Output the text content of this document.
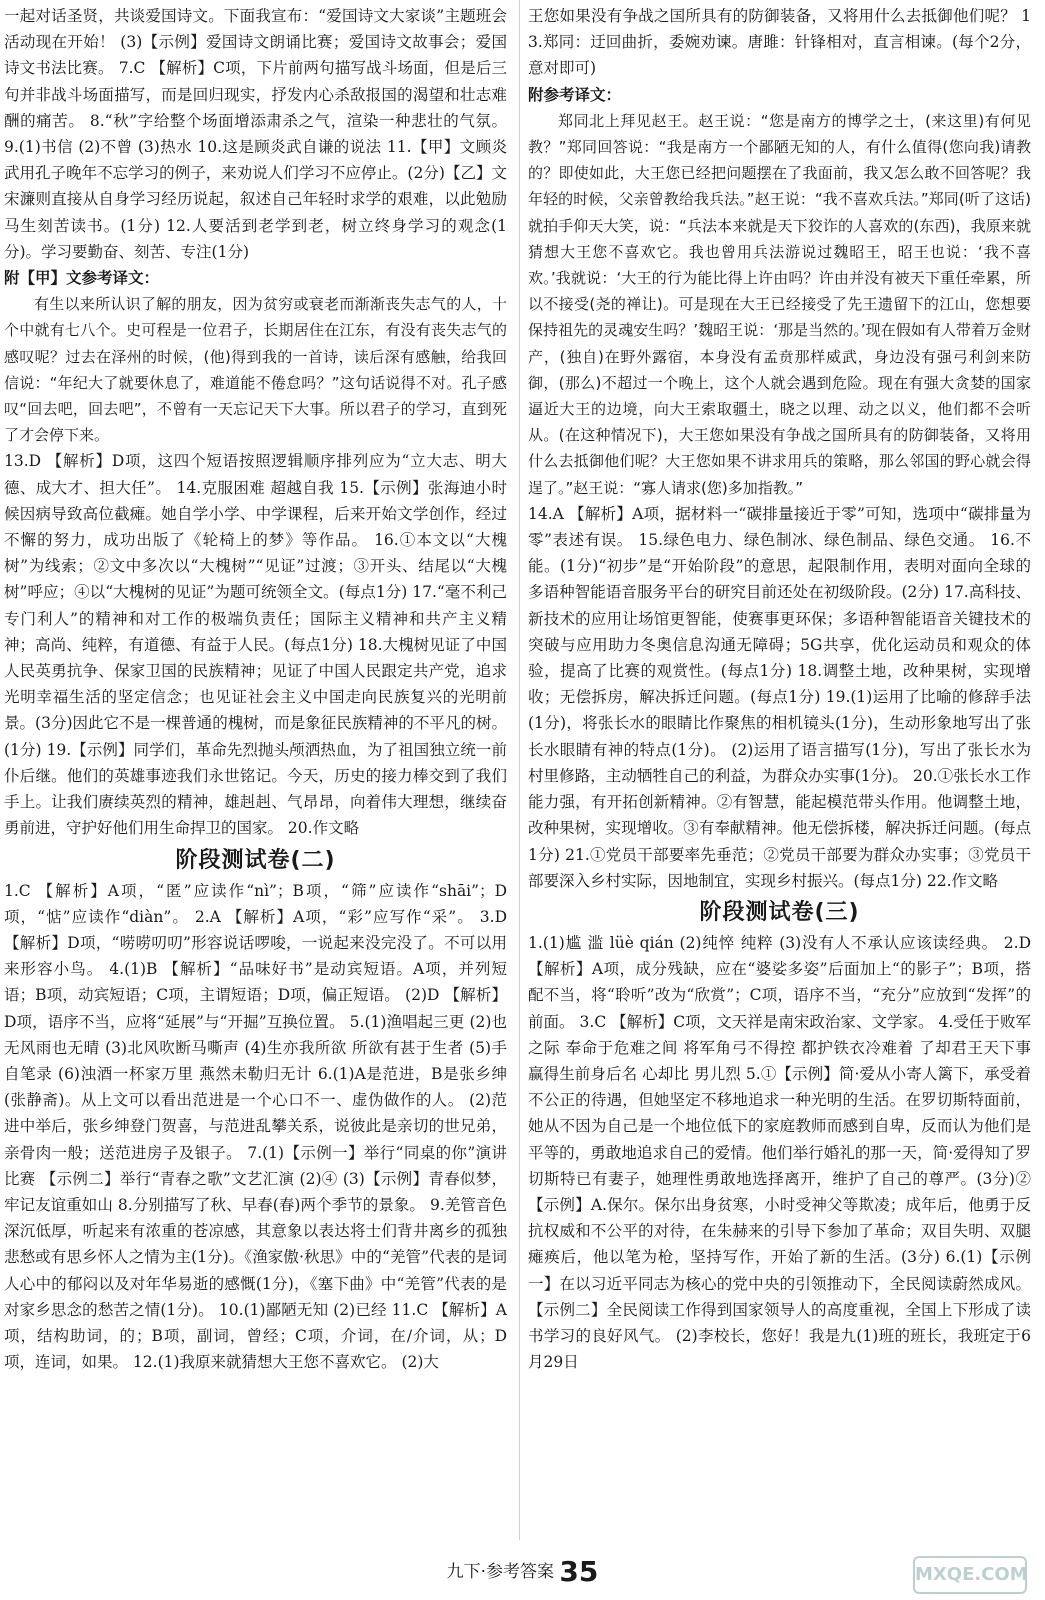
一起对话圣贤，共谈爱国诗文。下面我宣布：“爱国诗文大家谈”主题班会活动现在开始！ (3)【示例】爱国诗文朗诵比赛；爱国诗文故事会；爱国诗文书法比赛。 7.C 【解析】C项，下片前两句描写战斗场面，但是后三句并非战斗场面描写，而是回归现实，抒发内心杀敌报国的渴望和壮志难酬的痛苦。 8.“秋”字给整个场面增添肃杀之气，渲染一种悲壮的气氛。 9.(1)书信 (2)不曾 (3)热水 10.这是顾炎武自谦的说法 11.【甲】文顾炎武用孔子晚年不忘学习的例子，来劝说人们学习不应停止。(2分)【乙】文宋濂则直接从自身学习经历说起，叙述自己年轻时求学的艰难，以此勉励马生刻苦读书。(1分) 12.人要活到老学到老，树立终身学习的观念(1分)。学习要勤奋、刻苦、专注(1分)

附【甲】文参考译文：

有生以来所认识了解的朋友，因为贫穷或衰老而渐渐丧失志气的人，十个中就有七八个。史可程是一位君子，长期居住在江东，有没有丧失志气的感叹呢？过去在泽州的时候，(他)得到我的一首诗，读后深有感触，给我回信说：“年纪大了就要休息了，难道能不倦怠吗？”这句话说得不对。孔子感叹“回去吧，回去吧”，不曾有一天忘记天下大事。所以君子的学习，直到死了才会停下来。

13.D 【解析】D项，这四个短语按照逻辑顺序排列应为“立大志、明大德、成大才、担大任”。 14.克服困难 超越自我 15.【示例】张海迪小时候因病导致高位截瘫。她自学小学、中学课程，后来开始文学创作，经过不懈的努力，成功出版了《轮椅上的梦》等作品。 16.①本文以“大槐树”为线索；②文中多次以“大槐树”“见证”过渡；③开头、结尾以“大槐树”呼应；④以“大槐树的见证”为题可统领全文。(每点1分) 17.“毫不利己专门利人”的精神和对工作的极端负责任；国际主义精神和共产主义精神；高尚、纯粹，有道德、有益于人民。(每点1分) 18.大槐树见证了中国人民英勇抗争、保家卫国的民族精神；见证了中国人民跟定共产党，追求光明幸福生活的坚定信念；也见证社会主义中国走向民族复兴的光明前景。(3分)因此它不是一棵普通的槐树，而是象征民族精神的不平凡的树。(1分) 19.【示例】同学们，革命先烈抛头颅洒热血，为了祖国独立统一前仆后继。他们的英雄事迹我们永世铭记。今天，历史的接力棒交到了我们手上。让我们赓续英烈的精神，雄赳赳、气昂昂，向着伟大理想，继续奋勇前进，守护好他们用生命捍卫的国家。 20.作文略

阶段测试卷(二)

1.C 【解析】A项，“匿”应读作“nì”；B项，“筛”应读作“shāi”；D项，“惦”应读作“diàn”。 2.A 【解析】A项，“彩”应写作“采”。 3.D 【解析】D项，“唠唠叨叨”形容说话啰唆，一说起来没完没了。不可以用来形容小鸟。 4.(1)B 【解析】“品味好书”是动宾短语。A项，并列短语；B项，动宾短语；C项，主谓短语；D项，偏正短语。 (2)D 【解析】D项，语序不当，应将“延展”与“开掘”互换位置。 5.(1)渔唱起三更 (2)也无风雨也无晴 (3)北风吹断马嘶声 (4)生亦我所欲 所欲有甚于生者 (5)手自笔录 (6)浊酒一杯家万里 燕然未勒归无计 6.(1)A是范进，B是张乡绅(张静斋)。从上文可以看出范进是一个心口不一、虚伪做作的人。 (2)范进中举后，张乡绅登门贺喜，与范进乱攀关系，说彼此是亲切的世兄弟，亲骨肉一般；送范进房子及银子。 7.(1)【示例一】举行“同桌的你”演讲比赛 【示例二】举行“青春之歌”文艺汇演 (2)④ (3)【示例】青春似梦，牢记友谊重如山 8.分别描写了秋、早春(春)两个季节的景象。 9.羌管音色深沉低厚，听起来有浓重的苍凉感，其意象以表达将士们背井离乡的孤独悲愁或有思乡怀人之情为主(1分)。《渔家傲·秋思》中的“羌管”代表的是词人心中的郁闷以及对年华易逝的感慨(1分)，《塞下曲》中“羌管”代表的是对家乡思念的愁苦之情(1分)。 10.(1)鄙陋无知 (2)已经 11.C 【解析】A项，结构助词，的；B项，副词，曾经；C项，介词，在/介词，从；D项，连词，如果。 12.(1)我原来就猜想大王您不喜欢它。 (2)大

王您如果没有争战之国所具有的防御装备，又将用什么去抵御他们呢？ 13.郑同：迂回曲折，委婉劝谏。唐雎：针锋相对，直言相谏。(每个2分，意对即可)

附参考译文：

郑同北上拜见赵王。赵王说：“您是南方的博学之士，(来这里)有何见教？”郑同回答说：“我是南方一个鄙陋无知的人，有什么值得(您向我)请教的？即使如此，大王您已经把问题摆在了我面前，我又怎么敢不回答呢？我年轻的时候，父亲曾教给我兵法。”赵王说：“我不喜欢兵法。”郑同(听了这话)就拍手仰天大笑，说：“兵法本来就是天下狡诈的人喜欢的(东西)，我原来就猜想大王您不喜欢它。我也曾用兵法游说过魏昭王，昭王也说：‘我不喜欢。’我就说：‘大王的行为能比得上许由吗？许由并没有被天下重任牵累，所以不接受(尧的禅让)。可是现在大王已经接受了先王遗留下的江山，您想要保持祖先的灵魂安生吗？’魏昭王说：‘那是当然的。’现在假如有人带着万金财产，(独自)在野外露宿，本身没有孟贲那样威武，身边没有强弓利剑来防御，(那么)不超过一个晚上，这个人就会遇到危险。现在有强大贪婪的国家逼近大王的边境，向大王索取疆土，晓之以理、动之以义，他们都不会听从。(在这种情况下)，大王您如果没有争战之国所具有的防御装备，又将用什么去抵御他们呢？大王您如果不讲求用兵的策略，那么邻国的野心就会得逞了。”赵王说：“寡人请求(您)多加指教。”

14.A 【解析】A项，据材料一“碳排量接近于零”可知，选项中“碳排量为零”表述有误。 15.绿色电力、绿色制冰、绿色制品、绿色交通。 16.不能。(1分)“初步”是“开始阶段”的意思，起限制作用，表明对面向全球的多语种智能语音服务平台的研究目前还处在初级阶段。(2分) 17.高科技、新技术的应用让场馆更智能，使赛事更环保；多语种智能语音关键技术的突破与应用助力冬奥信息沟通无障碍；5G共享，优化运动员和观众的体验，提高了比赛的观赏性。(每点1分) 18.调整土地，改种果树，实现增收；无偿拆房，解决拆迁问题。(每点1分) 19.(1)运用了比喻的修辞手法(1分)，将张长水的眼睛比作聚焦的相机镜头(1分)，生动形象地写出了张长水眼睛有神的特点(1分)。 (2)运用了语言描写(1分)，写出了张长水为村里修路，主动牺牲自己的利益，为群众办实事(1分)。 20.①张长水工作能力强，有开拓创新精神。②有智慧，能起模范带头作用。他调整土地，改种果树，实现增收。③有奉献精神。他无偿拆楼，解决拆迁问题。(每点1分) 21.①党员干部要率先垂范；②党员干部要为群众办实事；③党员干部要深入乡村实际，因地制宜，实现乡村振兴。(每点1分) 22.作文略

阶段测试卷(三)

1.(1)尴 滥 lüè qián (2)纯悴 纯粹 (3)没有人不承认应该读经典。 2.D 【解析】A项，成分残缺，应在“婆娑多姿”后面加上“的影子”；B项，搭配不当，将“聆听”改为“欣赏”；C项，语序不当，“充分”应放到“发挥”的前面。 3.C 【解析】C项，文天祥是南宋政治家、文学家。 4.受任于败军之际 奉命于危难之间 将军角弓不得控 都护铁衣冷难着 了却君王天下事 赢得生前身后名 心却比 男儿烈 5.①【示例】简·爱从小寄人篱下，承受着不公正的待遇，但她坚定不移地追求一种光明的生活。在罗切斯特面前，她从不因为自己是一个地位低下的家庭教师而感到自卑，反而认为他们是平等的，勇敢地追求自己的爱情。他们举行婚礼的那一天，简·爱得知了罗切斯特已有妻子，她理性勇敢地选择离开，维护了自己的尊严。(3分)②【示例】A.保尔。保尔出身贫寒，小时受神父等欺凌；成年后，他勇于反抗权威和不公平的对待，在朱赫来的引导下参加了革命；双目失明、双腿瘫痪后，他以笔为枪，坚持写作，开始了新的生活。(3分) 6.(1)【示例一】在以习近平同志为核心的党中央的引领推动下，全民阅读蔚然成风。【示例二】全民阅读工作得到国家领导人的高度重视，全国上下形成了读书学习的良好风气。 (2)李校长，您好！我是九(1)班的班长，我班定于6月29日

九下·参考答案 35	MXQE.COM
